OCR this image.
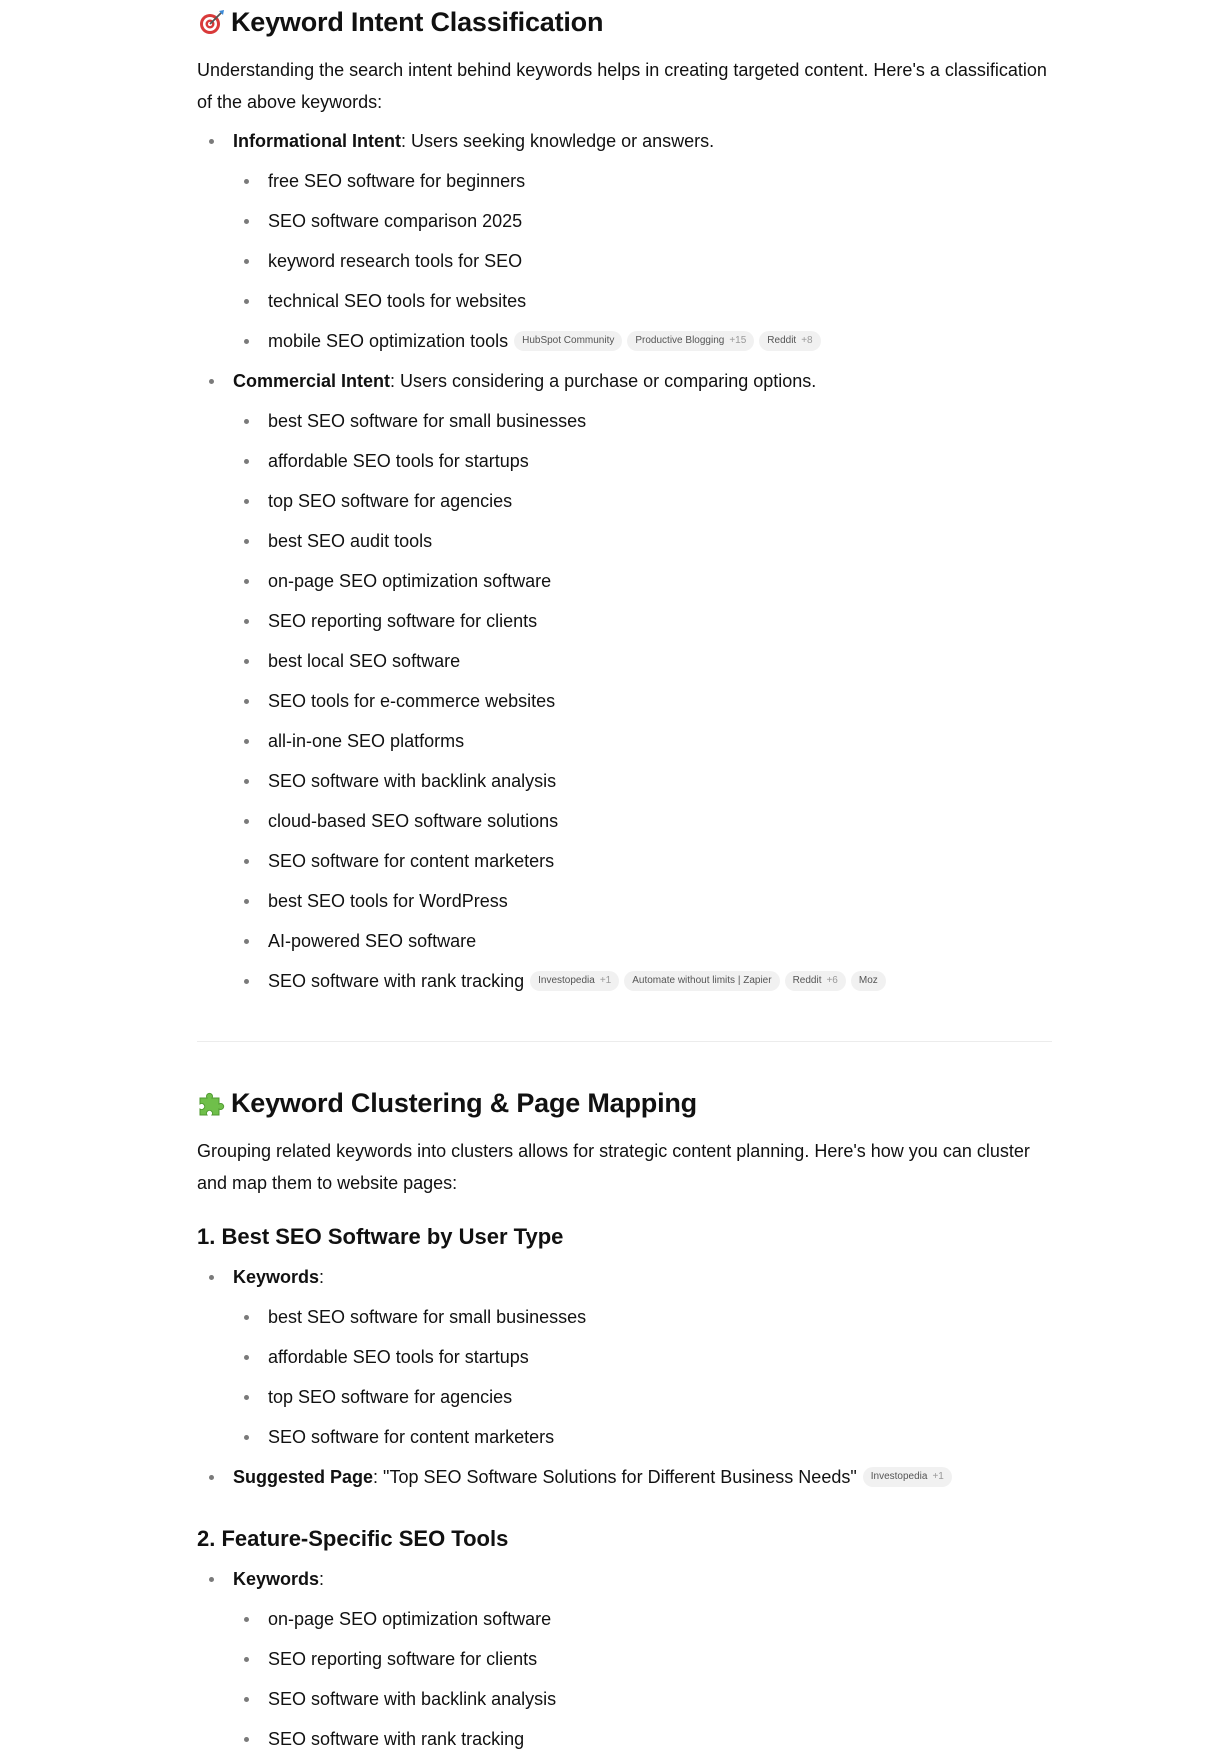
Keyword Intent Classification

Understanding the search intent behind keywords helps in creating targeted content. Here's a classification of the above keywords:

Informational Intent : Users seeking knowledge or answers.
free SEO software for beginners
SEO software comparison 2025
keyword research tools for SEO
technical SEO tools for websites
mobile SEO optimization tools HubSpot Community Productive Blogging +15 Reddit +8
Commercial Intent : Users considering a purchase or comparing options.
best SEO software for small businesses
affordable SEO tools for startups
top SEO software for agencies
best SEO audit tools
on-page SEO optimization software
SEO reporting software for clients
best local SEO software
SEO tools for e-commerce websites
all-in-one SEO platforms
SEO software with backlink analysis
cloud-based SEO software solutions
SEO software for content marketers
best SEO tools for WordPress
AI-powered SEO software
SEO software with rank tracking Investopedia +1 Automate without limits | Zapier Reddit +6 Moz
Keyword Clustering & Page Mapping

Grouping related keywords into clusters allows for strategic content planning. Here's how you can cluster and map them to website pages:

1. Best SEO Software by User Type
Keywords :
best SEO software for small businesses
affordable SEO tools for startups
top SEO software for agencies
SEO software for content marketers
Suggested Page : "Top SEO Software Solutions for Different Business Needs" Investopedia +1
2. Feature-Specific SEO Tools
Keywords :
on-page SEO optimization software
SEO reporting software for clients
SEO software with backlink analysis
SEO software with rank tracking
